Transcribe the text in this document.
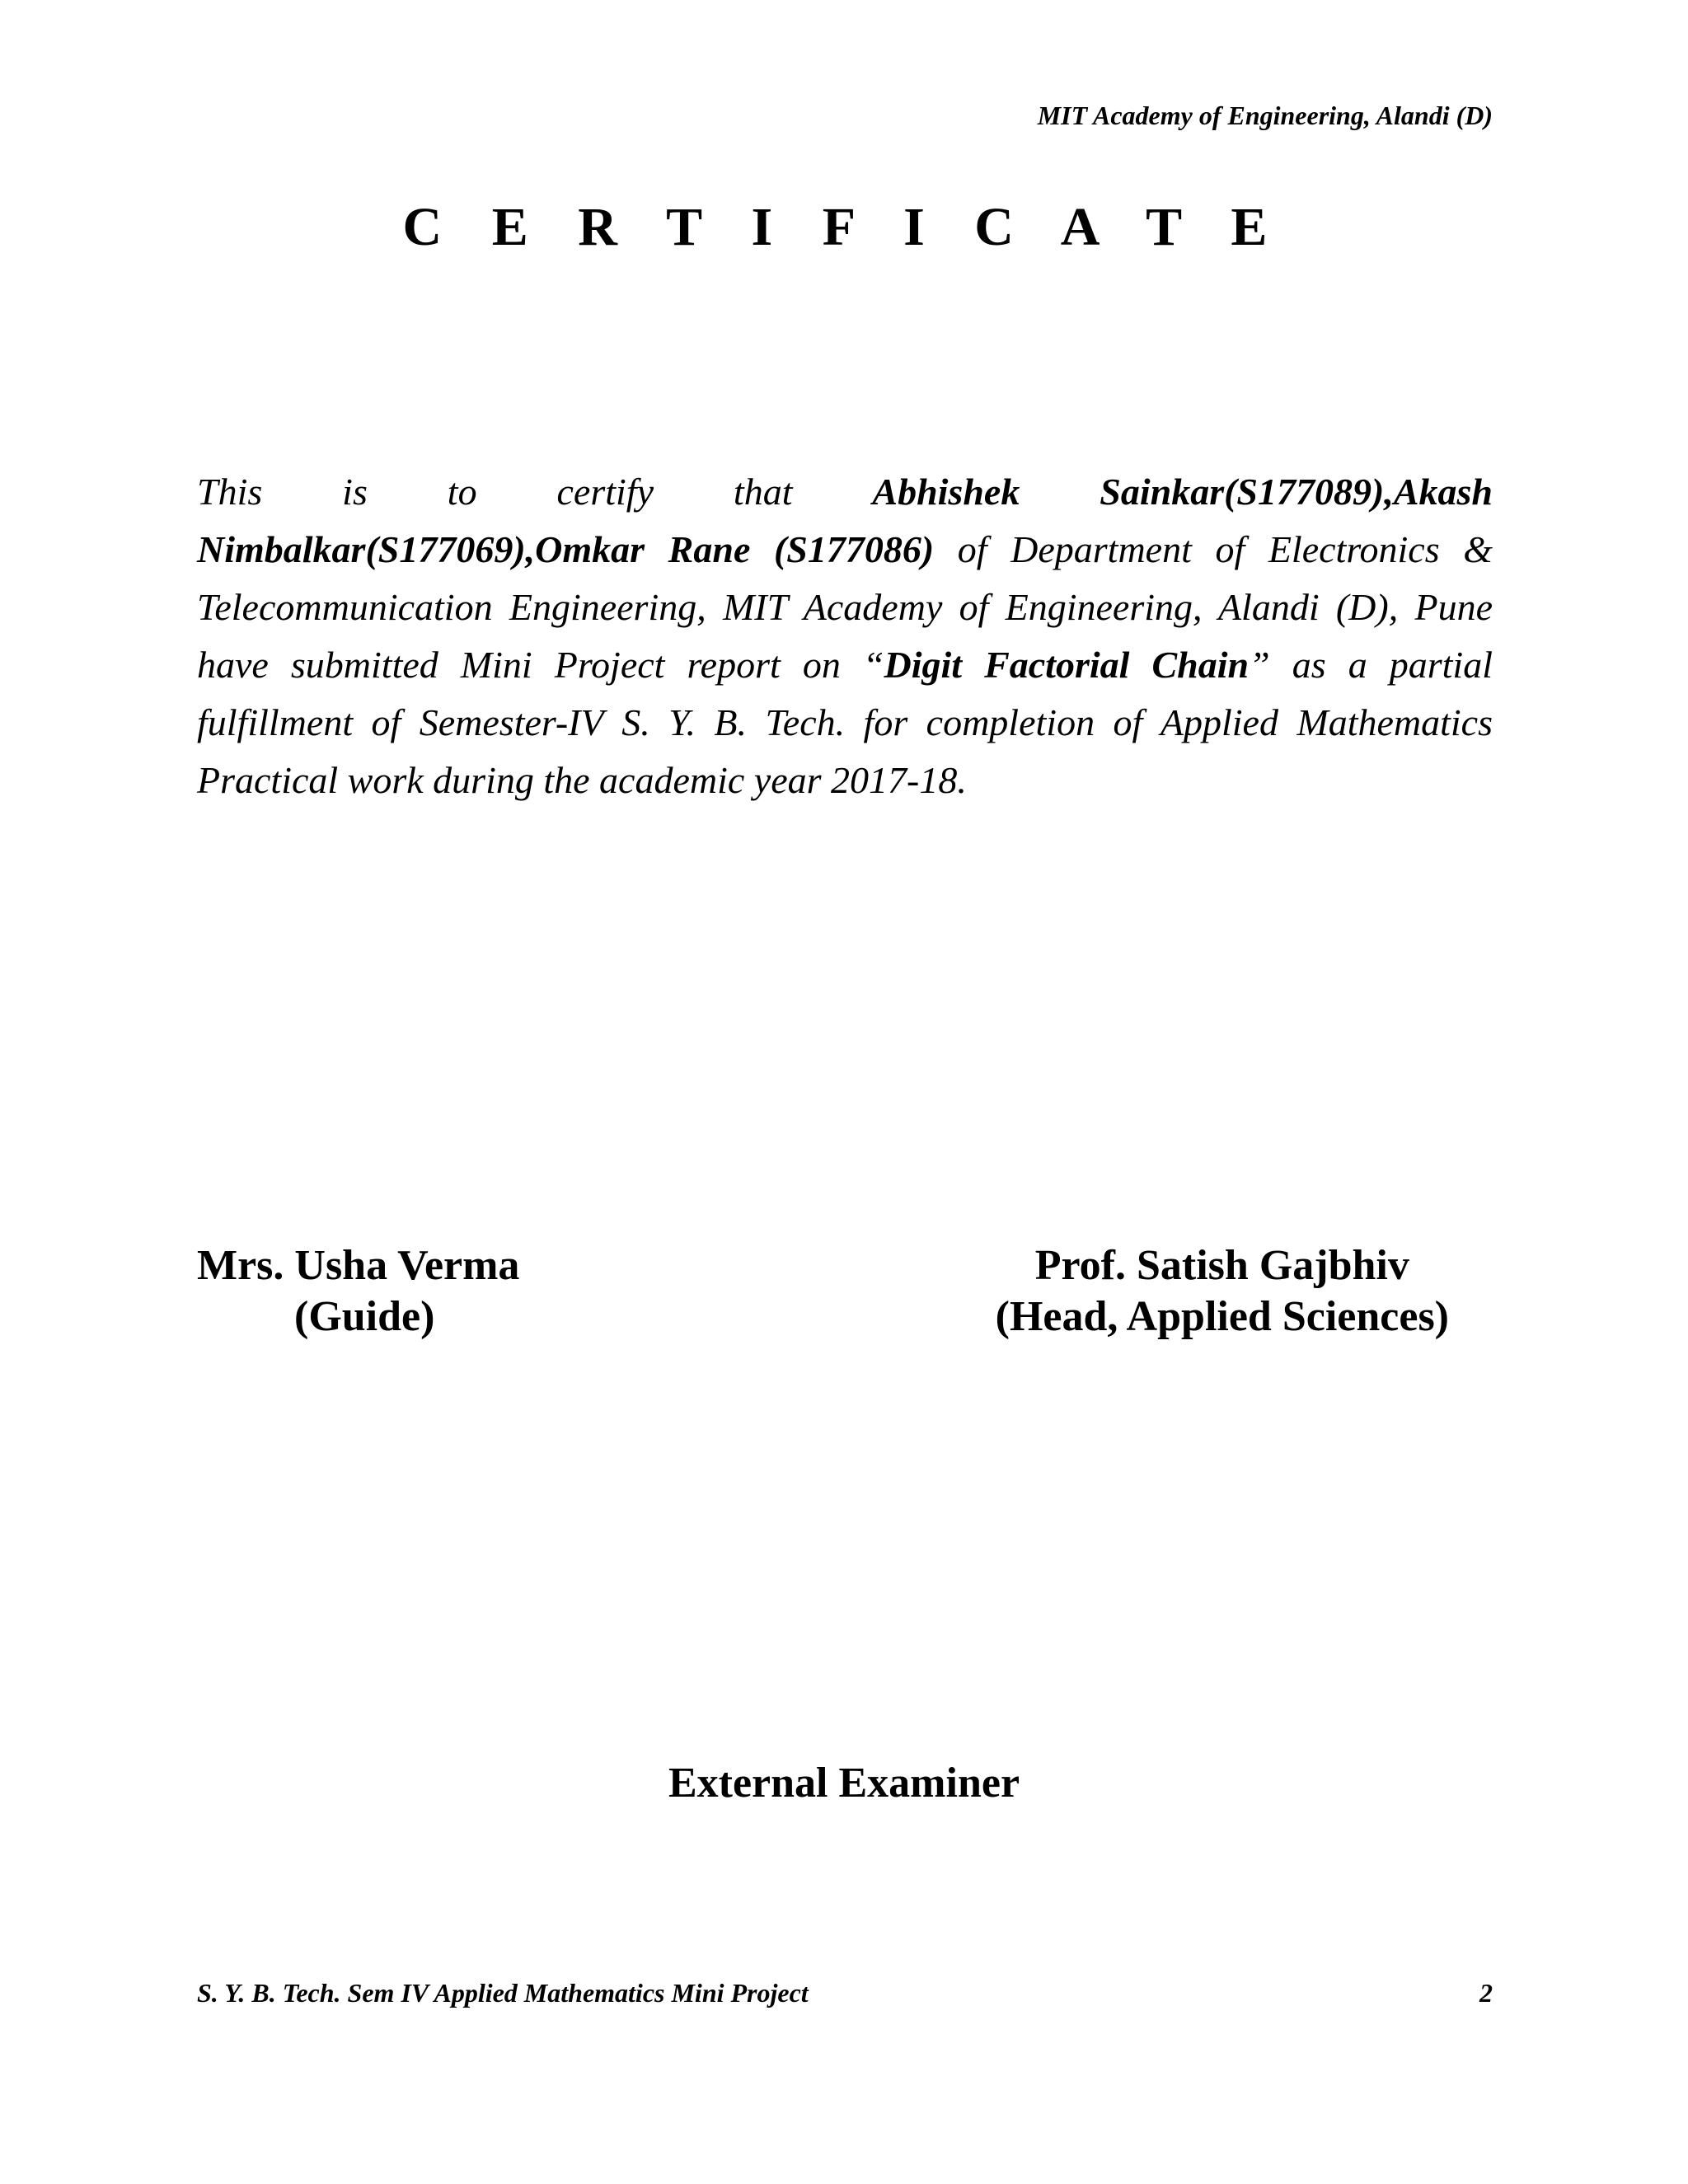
MIT Academy of Engineering, Alandi (D)
C E R T I F I C A T E

This is to certify that Abhishek Sainkar(S177089),Akash Nimbalkar(S177069),Omkar Rane (S177086) of Department of Electronics & Telecommunication Engineering, MIT Academy of Engineering, Alandi (D), Pune have submitted Mini Project report on “Digit Factorial Chain” as a partial fulfillment of Semester-IV S. Y. B. Tech. for completion of Applied Mathematics Practical work during the academic year 2017-18.

Mrs. Usha Verma
(Guide)
Prof. Satish Gajbhiv
(Head, Applied Sciences)
External Examiner
S. Y. B. Tech. Sem IV Applied Mathematics Mini Project	2
